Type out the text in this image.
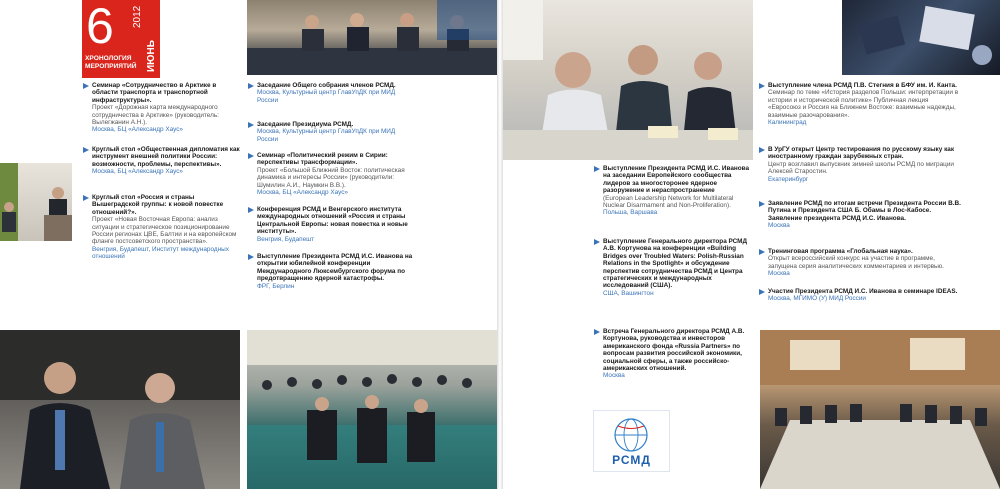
6 2012
ИЮНЬ
ХРОНОЛОГИЯ МЕРОПРИЯТИЙ
РСМД
Семинар «Сотрудничество в Арктике в области транспорта и транспортной инфраструктуры».
Проект «Дорожная карта международного сотрудничества в Арктике» (руководитель: Вылегжанин А.Н.).
Москва, БЦ «Александр Хаус»
Круглый стол «Общественная дипломатия как инструмент внешней политики России: возможности, проблемы, перспективы».
Москва, БЦ «Александр Хаус»
Круглый стол «Россия и страны Вышеградской группы: к новой повестке отношений?».
Проект «Новая Восточная Европа: анализ ситуации и стратегическое позиционирование России регионах ЦВЕ, Балтии и на европейском фланге постсоветского пространства».
Венгрия, Будапешт, Институт международных отношений
Заседание Общего собрания членов РСМД.
Москва, Культурный центр ГлавУпДК при МИД России
Заседание Президиума РСМД.
Москва, Культурный центр ГлавУпДК при МИД России
Семинар «Политический режим в Сирии: перспективы трансформации».
Проект «Большой Ближний Восток: политическая динамика и интересы России» (руководители: Шумилин А.И., Наумкин В.В.).
Москва, БЦ «Александр Хаус»
Конференция РСМД и Венгерского института международных отношений «Россия и страны Центральной Европы: новая повестка и новые институты».
Венгрия, Будапешт
Выступление Президента РСМД И.С. Иванова на открытии юбилейной конференции Международного Люксембургского форума по предотвращению ядерной катастрофы.
ФРГ, Берлин
Выступление Президента РСМД И.С. Иванова на заседании Европейского сообщества лидеров за многосторонее ядерное разоружение и нераспространение
(European Leadership Network for Multilateral Nuclear Disarmament and Non-Proliferation).
Польша, Варшава
Выступление Генерального директора РСМД А.В. Кортунова на конференции «Building Bridges over Troubled Waters: Polish-Russian Relations in the Spotlight» и обсуждение перспектив сотрудничества РСМД и Центра стратегических и международных исследований (США).
США, Вашингтон
Встреча Генерального директора РСМД А.В. Кортунова, руководства и инвесторов американского фонда «Russia Partners» по вопросам развития российской экономики, социальной сферы, а также российско-американских отношений.
Москва
Выступление члена РСМД П.В. Стегния в БФУ им. И. Канта.
Семинар по теме «История разделов Польши: интерпретации в истории и исторической политике» Публичная лекция «Евросоюз и Россия на Ближнем Востоке: взаимные надежды, взаимные разочарования».
Калининград
В УрГУ открыт Центр тестирования по русскому языку как иностранному граждан зарубежных стран.
Центр возглавил выпускник зимней школы РСМД по миграции Алексей Старостин.
Екатеринбург
Заявление РСМД по итогам встречи Президента России В.В. Путина и Президента США Б. Обамы в Лос-Кабосе. Заявление президента РСМД И.С. Иванова.
Москва
Тренинговая программа «Глобальная наука».
Открыт всероссийский конкурс на участие в программе, запущена серия аналитических комментариев и интервью.
Москва
Участие Президента РСМД И.С. Иванова в семинаре IDEAS.
Москва, МГИМО (У) МИД России
